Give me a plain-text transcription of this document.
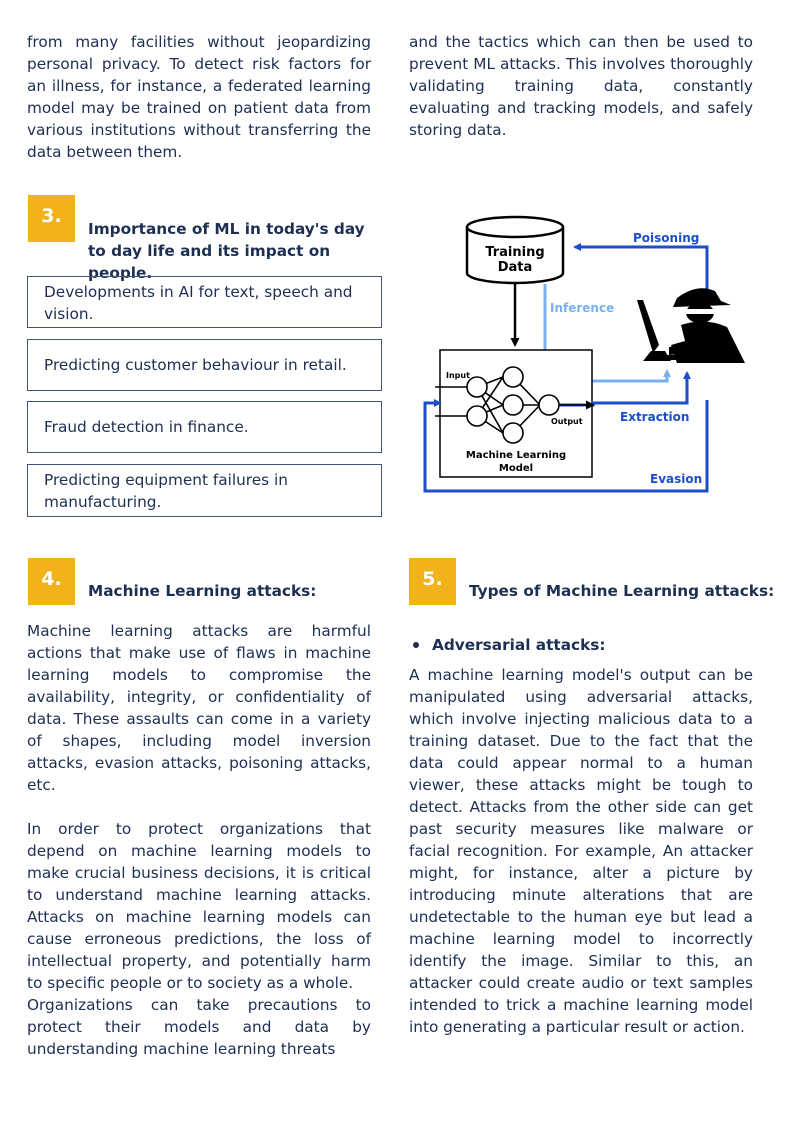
from many facilities without jeopardizing personal privacy. To detect risk factors for an illness, for instance, a federated learning model may be trained on patient data from various institutions without transferring the data between them.

and the tactics which can then be used to prevent ML attacks. This involves thoroughly validating training data, constantly evaluating and tracking models, and safely storing data.

3.
Importance of ML in today's day to day life and its impact on people.
Developments in AI for text, speech and vision.
Predicting customer behaviour in retail.
Fraud detection in finance.
Predicting equipment failures in manufacturing.
Training
Data
Poisoning
Inference
Input
Output
Machine Learning
Model
Extraction
Evasion
4.
Machine Learning attacks:

Machine learning attacks are harmful actions that make use of flaws in machine learning models to compromise the availability, integrity, or confidentiality of data. These assaults can come in a variety of shapes, including model inversion attacks, evasion attacks, poisoning attacks, etc.

In order to protect organizations that depend on machine learning models to make crucial business decisions, it is critical to understand machine learning attacks. Attacks on machine learning models can cause erroneous predictions, the loss of intellectual property, and potentially harm to specific people or to society as a whole.

Organizations can take precautions to protect their models and data by understanding machine learning threats

5.
Types of Machine Learning attacks:
Adversarial attacks:

A machine learning model's output can be manipulated using adversarial attacks, which involve injecting malicious data to a training dataset. Due to the fact that the data could appear normal to a human viewer, these attacks might be tough to detect. Attacks from the other side can get past security measures like malware or facial recognition. For example, An attacker might, for instance, alter a picture by introducing minute alterations that are undetectable to the human eye but lead a machine learning model to incorrectly identify the image. Similar to this, an attacker could create audio or text samples intended to trick a machine learning model into generating a particular result or action.
